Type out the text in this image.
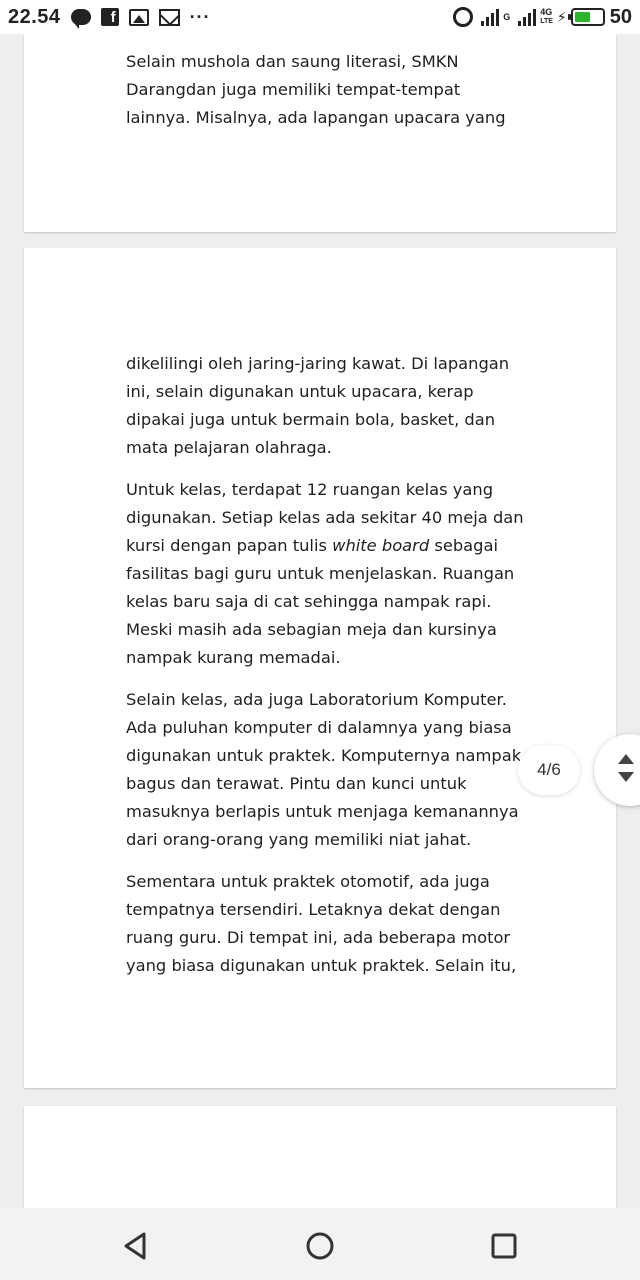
22.54	f	···	G	4G
LTE ⚡ 50
Selain mushola dan saung literasi, SMKN
Darangdan juga memiliki tempat-tempat
lainnya. Misalnya, ada lapangan upacara yang
dikelilingi oleh jaring-jaring kawat. Di lapangan
ini, selain digunakan untuk upacara, kerap
dipakai juga untuk bermain bola, basket, dan
mata pelajaran olahraga.
Untuk kelas, terdapat 12 ruangan kelas yang
digunakan. Setiap kelas ada sekitar 40 meja dan
kursi dengan papan tulis white board sebagai
fasilitas bagi guru untuk menjelaskan. Ruangan
kelas baru saja di cat sehingga nampak rapi.
Meski masih ada sebagian meja dan kursinya
nampak kurang memadai.
Selain kelas, ada juga Laboratorium Komputer.
Ada puluhan komputer di dalamnya yang biasa
digunakan untuk praktek. Komputernya nampak
bagus dan terawat. Pintu dan kunci untuk
masuknya berlapis untuk menjaga kemanannya
dari orang-orang yang memiliki niat jahat.
Sementara untuk praktek otomotif, ada juga
tempatnya tersendiri. Letaknya dekat dengan
ruang guru. Di tempat ini, ada beberapa motor
yang biasa digunakan untuk praktek. Selain itu,
4/6
